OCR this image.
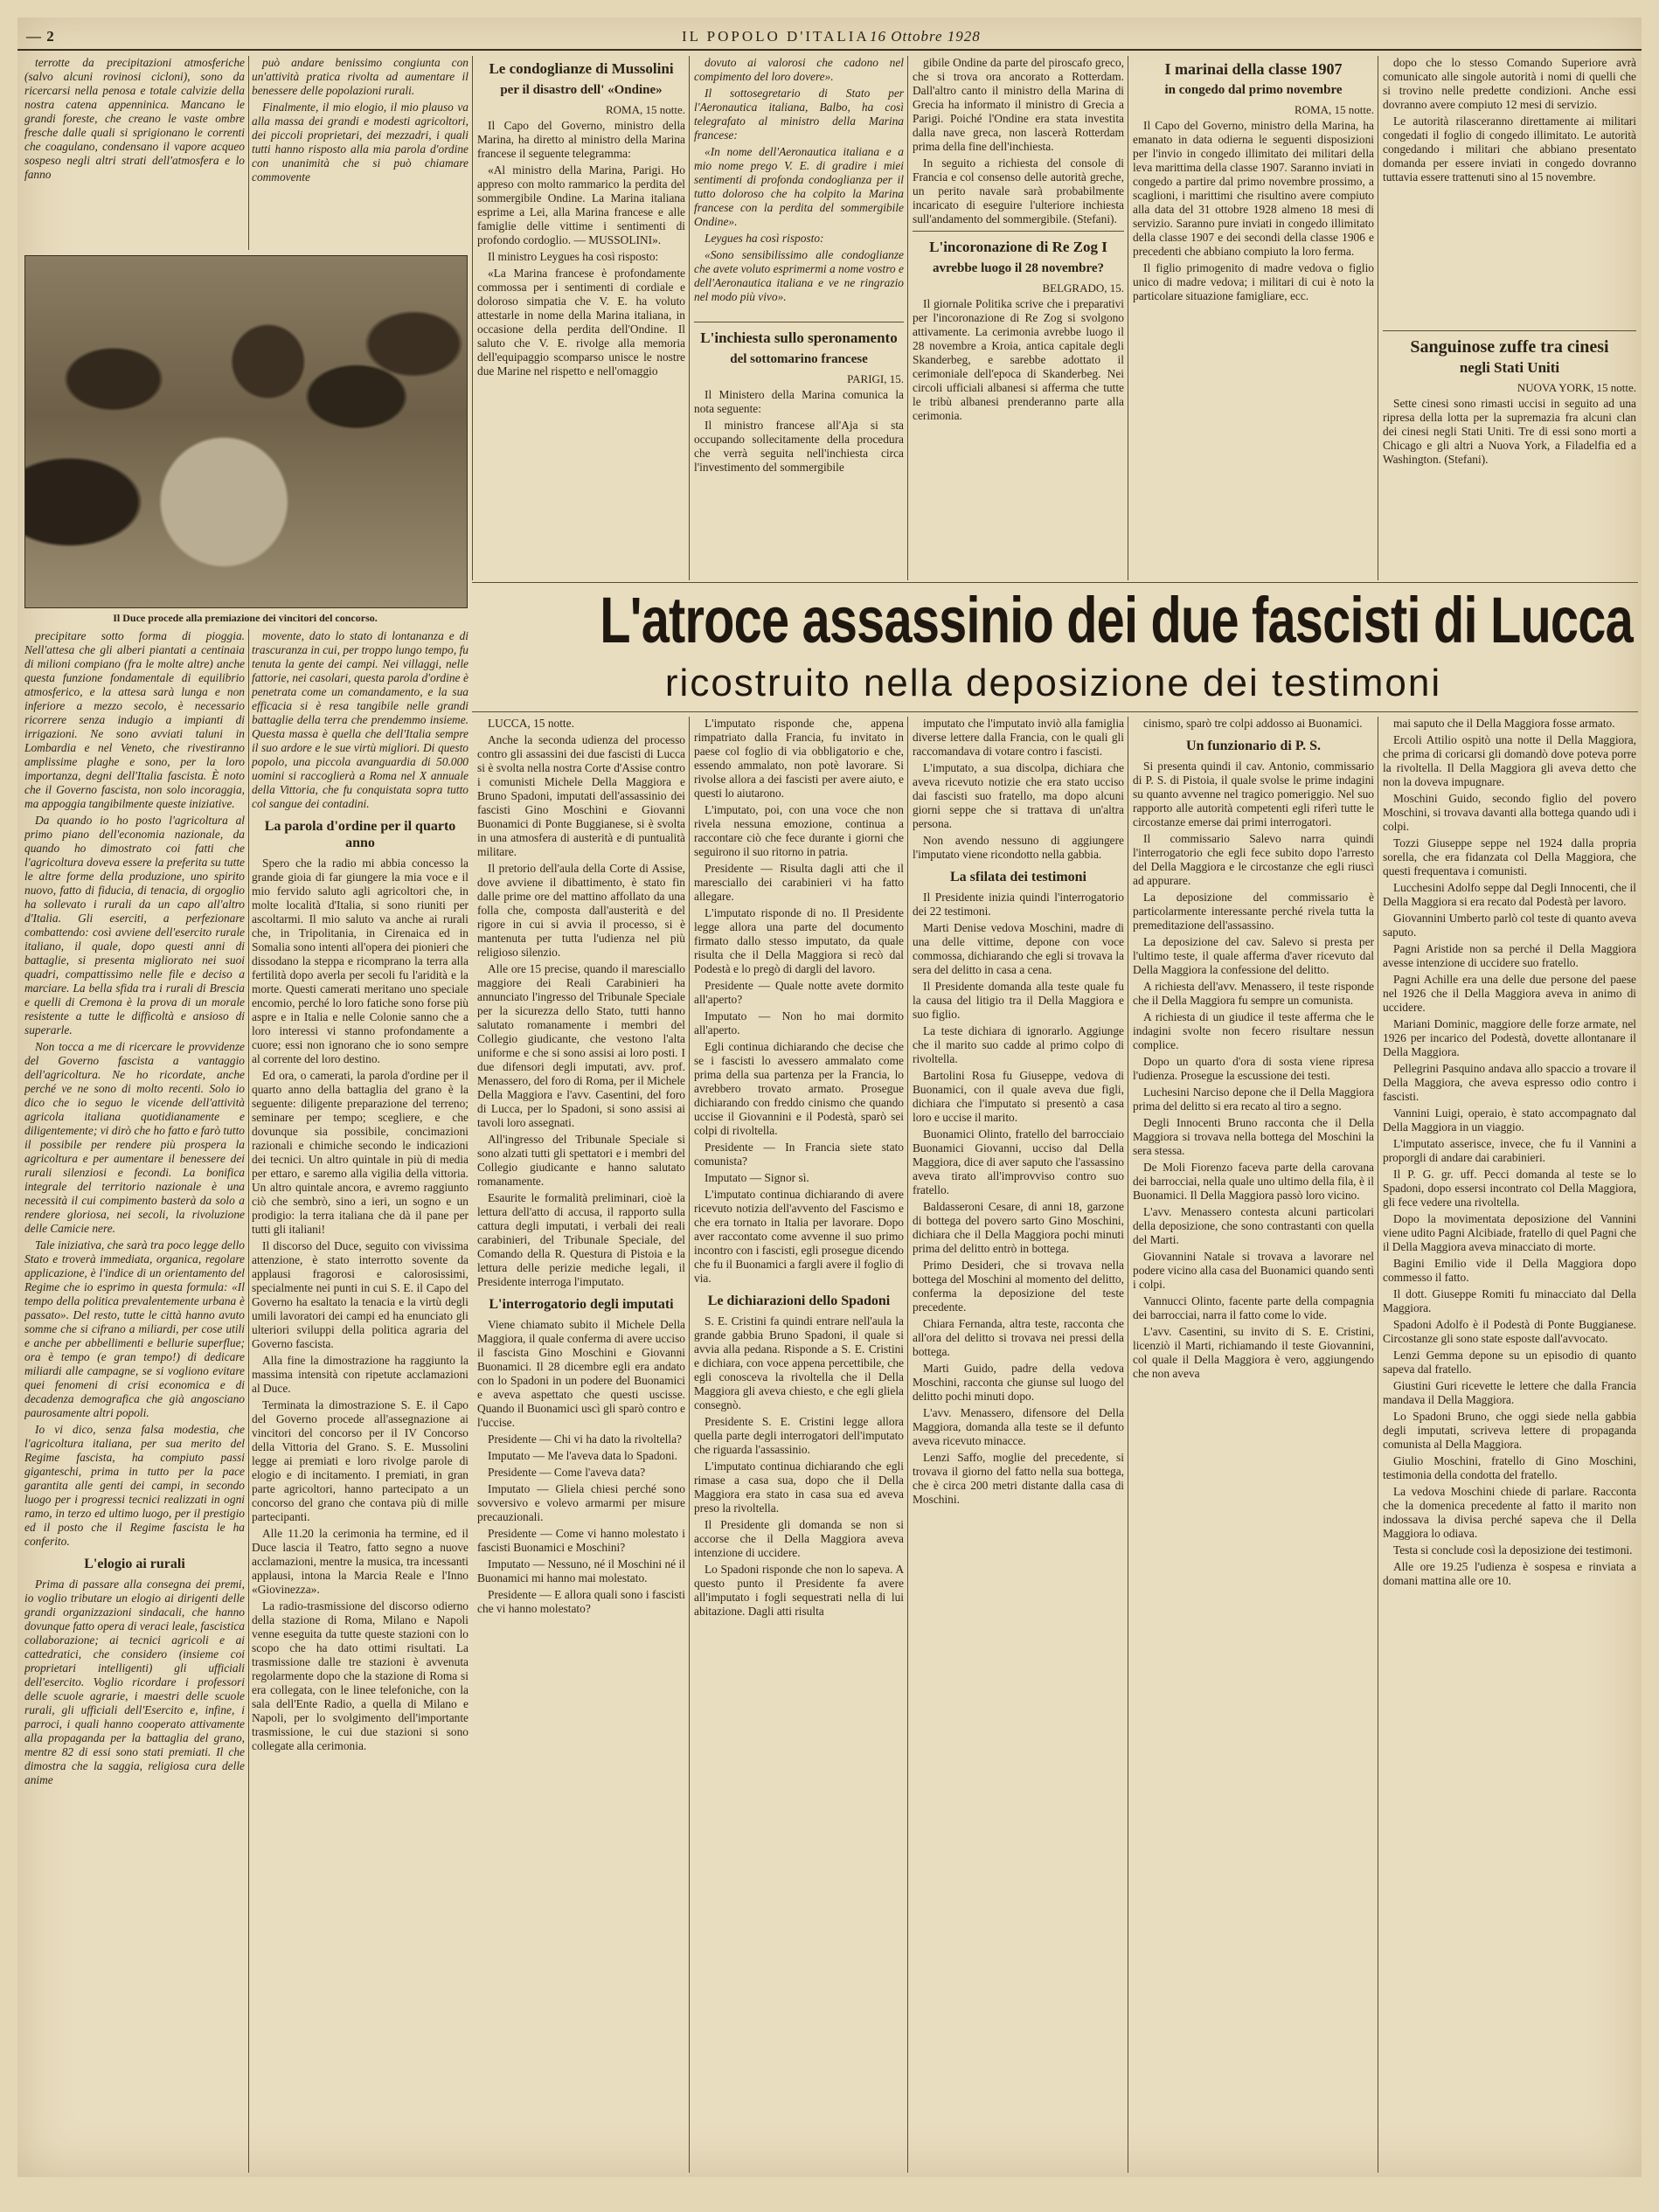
— 2	IL POPOLO D'ITALIA 16 Ottobre 1928

terrotte da precipitazioni atmosferiche (salvo alcuni rovinosi cicloni), sono da ricercarsi nella penosa e totale calvizie della nostra catena appenninica. Mancano le grandi foreste, che creano le vaste ombre fresche dalle quali si sprigionano le correnti che coagulano, condensano il vapore acqueo sospeso negli altri strati dell'atmosfera e lo fanno

può andare benissimo congiunta con un'attività pratica rivolta ad aumentare il benessere delle popolazioni rurali.

Finalmente, il mio elogio, il mio plauso va alla massa dei grandi e modesti agricoltori, dei piccoli proprietari, dei mezzadri, i quali tutti hanno risposto alla mia parola d'ordine con unanimità che si può chiamare commovente

Il Duce procede alla premiazione dei vincitori del concorso.
Le condoglianze di Mussolini
per il disastro dell' «Ondine»
ROMA, 15 notte.

Il Capo del Governo, ministro della Marina, ha diretto al ministro della Marina francese il seguente telegramma:

«Al ministro della Marina, Parigi. Ho appreso con molto rammarico la perdita del sommergibile Ondine. La Marina italiana esprime a Lei, alla Marina francese e alle famiglie delle vittime i sentimenti di profondo cordoglio. — MUSSOLINI».

Il ministro Leygues ha così risposto:

«La Marina francese è profondamente commossa per i sentimenti di cordiale e doloroso simpatia che V. E. ha voluto attestarle in nome della Marina italiana, in occasione della perdita dell'Ondine. Il saluto che V. E. rivolge alla memoria dell'equipaggio scomparso unisce le nostre due Marine nel rispetto e nell'omaggio

dovuto ai valorosi che cadono nel compimento del loro dovere».

Il sottosegretario di Stato per l'Aeronautica italiana, Balbo, ha così telegrafato al ministro della Marina francese:

«In nome dell'Aeronautica italiana e a mio nome prego V. E. di gradire i miei sentimenti di profonda condoglianza per il tutto doloroso che ha colpito la Marina francese con la perdita del sommergibile Ondine».

Leygues ha così risposto:

«Sono sensibilissimo alle condoglianze che avete voluto esprimermi a nome vostro e dell'Aeronautica italiana e ve ne ringrazio nel modo più vivo».

L'inchiesta sullo speronamento
del sottomarino francese
PARIGI, 15.

Il Ministero della Marina comunica la nota seguente:

Il ministro francese all'Aja si sta occupando sollecitamente della procedura che verrà seguita nell'inchiesta circa l'investimento del sommergibile

gibile Ondine da parte del piroscafo greco, che si trova ora ancorato a Rotterdam. Dall'altro canto il ministro della Marina di Grecia ha informato il ministro di Grecia a Parigi. Poiché l'Ondine era stata investita dalla nave greca, non lascerà Rotterdam prima della fine dell'inchiesta.

In seguito a richiesta del console di Francia e col consenso delle autorità greche, un perito navale sarà probabilmente incaricato di eseguire l'ulteriore inchiesta sull'andamento del sommergibile. (Stefani).

L'incoronazione di Re Zog I
avrebbe luogo il 28 novembre?
BELGRADO, 15.

Il giornale Politika scrive che i preparativi per l'incoronazione di Re Zog si svolgono attivamente. La cerimonia avrebbe luogo il 28 novembre a Kroia, antica capitale degli Skanderbeg, e sarebbe adottato il cerimoniale dell'epoca di Skanderbeg. Nei circoli ufficiali albanesi si afferma che tutte le tribù albanesi prenderanno parte alla cerimonia.

I marinai della classe 1907
in congedo dal primo novembre
ROMA, 15 notte.

Il Capo del Governo, ministro della Marina, ha emanato in data odierna le seguenti disposizioni per l'invio in congedo illimitato dei militari della leva marittima della classe 1907. Saranno inviati in congedo a partire dal primo novembre prossimo, a scaglioni, i marittimi che risultino avere compiuto alla data del 31 ottobre 1928 almeno 18 mesi di servizio. Saranno pure inviati in congedo illimitato della classe 1907 e dei secondi della classe 1906 e precedenti che abbiano compiuto la loro ferma.

Il figlio primogenito di madre vedova o figlio unico di madre vedova; i militari di cui è noto la particolare situazione famigliare, ecc.

dopo che lo stesso Comando Superiore avrà comunicato alle singole autorità i nomi di quelli che si trovino nelle predette condizioni. Anche essi dovranno avere compiuto 12 mesi di servizio.

Le autorità rilasceranno direttamente ai militari congedati il foglio di congedo illimitato. Le autorità congedando i militari che abbiano presentato domanda per essere inviati in congedo dovranno tuttavia essere trattenuti sino al 15 novembre.

Sanguinose zuffe tra cinesi
negli Stati Uniti
NUOVA YORK, 15 notte.

Sette cinesi sono rimasti uccisi in seguito ad una ripresa della lotta per la supremazia fra alcuni clan dei cinesi negli Stati Uniti. Tre di essi sono morti a Chicago e gli altri a Nuova York, a Filadelfia ed a Washington. (Stefani).

L'atroce assassinio dei due fascisti di Lucca
ricostruito nella deposizione dei testimoni

precipitare sotto forma di pioggia. Nell'attesa che gli alberi piantati a centinaia di milioni compiano (fra le molte altre) anche questa funzione fondamentale di equilibrio atmosferico, e la attesa sarà lunga e non inferiore a mezzo secolo, è necessario ricorrere senza indugio a impianti di irrigazioni. Ne sono avviati taluni in Lombardia e nel Veneto, che rivestiranno amplissime plaghe e sono, per la loro importanza, degni dell'Italia fascista. È noto che il Governo fascista, non solo incoraggia, ma appoggia tangibilmente queste iniziative.

Da quando io ho posto l'agricoltura al primo piano dell'economia nazionale, da quando ho dimostrato coi fatti che l'agricoltura doveva essere la preferita su tutte le altre forme della produzione, uno spirito nuovo, fatto di fiducia, di tenacia, di orgoglio ha sollevato i rurali da un capo all'altro d'Italia. Gli eserciti, a perfezionare combattendo: così avviene dell'esercito rurale italiano, il quale, dopo questi anni di battaglie, si presenta migliorato nei suoi quadri, compattissimo nelle file e deciso a marciare. La bella sfida tra i rurali di Brescia e quelli di Cremona è la prova di un morale resistente a tutte le difficoltà e ansioso di superarle.

Non tocca a me di ricercare le provvidenze del Governo fascista a vantaggio dell'agricoltura. Ne ho ricordate, anche perché ve ne sono di molto recenti. Solo io dico che io seguo le vicende dell'attività agricola italiana quotidianamente e diligentemente; vi dirò che ho fatto e farò tutto il possibile per rendere più prospera la agricoltura e per aumentare il benessere dei rurali silenziosi e fecondi. La bonifica integrale del territorio nazionale è una necessità il cui compimento basterà da solo a rendere gloriosa, nei secoli, la rivoluzione delle Camicie nere.

Tale iniziativa, che sarà tra poco legge dello Stato e troverà immediata, organica, regolare applicazione, è l'indice di un orientamento del Regime che io esprimo in questa formula: «Il tempo della politica prevalentemente urbana è passato». Del resto, tutte le città hanno avuto somme che si cifrano a miliardi, per cose utili e anche per abbellimenti e bellurie superflue; ora è tempo (e gran tempo!) di dedicare miliardi alle campagne, se si vogliono evitare quei fenomeni di crisi economica e di decadenza demografica che già angosciano paurosamente altri popoli.

Io vi dico, senza falsa modestia, che l'agricoltura italiana, per sua merito del Regime fascista, ha compiuto passi giganteschi, prima in tutto per la pace garantita alle genti dei campi, in secondo luogo per i progressi tecnici realizzati in ogni ramo, in terzo ed ultimo luogo, per il prestigio ed il posto che il Regime fascista le ha conferito.

L'elogio ai rurali

Prima di passare alla consegna dei premi, io voglio tributare un elogio ai dirigenti delle grandi organizzazioni sindacali, che hanno dovunque fatto opera di veraci leale, fascistica collaborazione; ai tecnici agricoli e ai cattedratici, che considero (insieme coi proprietari intelligenti) gli ufficiali dell'esercito. Voglio ricordare i professori delle scuole agrarie, i maestri delle scuole rurali, gli ufficiali dell'Esercito e, infine, i parroci, i quali hanno cooperato attivamente alla propaganda per la battaglia del grano, mentre 82 di essi sono stati premiati. Il che dimostra che la saggia, religiosa cura delle anime

movente, dato lo stato di lontananza e di trascuranza in cui, per troppo lungo tempo, fu tenuta la gente dei campi. Nei villaggi, nelle fattorie, nei casolari, questa parola d'ordine è penetrata come un comandamento, e la sua efficacia si è resa tangibile nelle grandi battaglie della terra che prendemmo insieme. Questa massa è quella che dell'Italia sempre il suo ardore e le sue virtù migliori. Di questo popolo, una piccola avanguardia di 50.000 uomini si raccoglierà a Roma nel X annuale della Vittoria, che fu conquistata sopra tutto col sangue dei contadini.

La parola d'ordine per il quarto anno

Spero che la radio mi abbia concesso la grande gioia di far giungere la mia voce e il mio fervido saluto agli agricoltori che, in molte località d'Italia, si sono riuniti per ascoltarmi. Il mio saluto va anche ai rurali che, in Tripolitania, in Cirenaica ed in Somalia sono intenti all'opera dei pionieri che dissodano la steppa e ricomprano la terra alla fertilità dopo averla per secoli fu l'aridità e la morte. Questi camerati meritano uno speciale encomio, perché lo loro fatiche sono forse più aspre e in Italia e nelle Colonie sanno che a loro interessi vi stanno profondamente a cuore; essi non ignorano che io sono sempre al corrente del loro destino.

Ed ora, o camerati, la parola d'ordine per il quarto anno della battaglia del grano è la seguente: diligente preparazione del terreno; seminare per tempo; scegliere, e che dovunque sia possibile, concimazioni razionali e chimiche secondo le indicazioni dei tecnici. Un altro quintale in più di media per ettaro, e saremo alla vigilia della vittoria. Un altro quintale ancora, e avremo raggiunto ciò che sembrò, sino a ieri, un sogno e un prodigio: la terra italiana che dà il pane per tutti gli italiani!

Il discorso del Duce, seguito con vivissima attenzione, è stato interrotto sovente da applausi fragorosi e calorosissimi, specialmente nei punti in cui S. E. il Capo del Governo ha esaltato la tenacia e la virtù degli umili lavoratori dei campi ed ha enunciato gli ulteriori sviluppi della politica agraria del Governo fascista.

Alla fine la dimostrazione ha raggiunto la massima intensità con ripetute acclamazioni al Duce.

Terminata la dimostrazione S. E. il Capo del Governo procede all'assegnazione ai vincitori del concorso per il IV Concorso della Vittoria del Grano. S. E. Mussolini legge ai premiati e loro rivolge parole di elogio e di incitamento. I premiati, in gran parte agricoltori, hanno partecipato a un concorso del grano che contava più di mille partecipanti.

Alle 11.20 la cerimonia ha termine, ed il Duce lascia il Teatro, fatto segno a nuove acclamazioni, mentre la musica, tra incessanti applausi, intona la Marcia Reale e l'Inno «Giovinezza».

La radio-trasmissione del discorso odierno della stazione di Roma, Milano e Napoli venne eseguita da tutte queste stazioni con lo scopo che ha dato ottimi risultati. La trasmissione dalle tre stazioni è avvenuta regolarmente dopo che la stazione di Roma si era collegata, con le linee telefoniche, con la sala dell'Ente Radio, a quella di Milano e Napoli, per lo svolgimento dell'importante trasmissione, le cui due stazioni si sono collegate alla cerimonia.

LUCCA, 15 notte.

Anche la seconda udienza del processo contro gli assassini dei due fascisti di Lucca si è svolta nella nostra Corte d'Assise contro i comunisti Michele Della Maggiora e Bruno Spadoni, imputati dell'assassinio dei fascisti Gino Moschini e Giovanni Buonamici di Ponte Buggianese, si è svolta in una atmosfera di austerità e di puntualità militare.

Il pretorio dell'aula della Corte di Assise, dove avviene il dibattimento, è stato fin dalle prime ore del mattino affollato da una folla che, composta dall'austerità e del rigore in cui si avvia il processo, si è mantenuta per tutta l'udienza nel più religioso silenzio.

Alle ore 15 precise, quando il maresciallo maggiore dei Reali Carabinieri ha annunciato l'ingresso del Tribunale Speciale per la sicurezza dello Stato, tutti hanno salutato romanamente i membri del Collegio giudicante, che vestono l'alta uniforme e che si sono assisi ai loro posti. I due difensori degli imputati, avv. prof. Menassero, del foro di Roma, per il Michele Della Maggiora e l'avv. Casentini, del foro di Lucca, per lo Spadoni, si sono assisi ai tavoli loro assegnati.

All'ingresso del Tribunale Speciale si sono alzati tutti gli spettatori e i membri del Collegio giudicante e hanno salutato romanamente.

Esaurite le formalità preliminari, cioè la lettura dell'atto di accusa, il rapporto sulla cattura degli imputati, i verbali dei reali carabinieri, del Tribunale Speciale, del Comando della R. Questura di Pistoia e la lettura delle perizie mediche legali, il Presidente interroga l'imputato.

L'interrogatorio degli imputati

Viene chiamato subito il Michele Della Maggiora, il quale conferma di avere ucciso il fascista Gino Moschini e Giovanni Buonamici. Il 28 dicembre egli era andato con lo Spadoni in un podere del Buonamici e aveva aspettato che questi uscisse. Quando il Buonamici uscì gli sparò contro e l'uccise.

Presidente — Chi vi ha dato la rivoltella?

Imputato — Me l'aveva data lo Spadoni.

Presidente — Come l'aveva data?

Imputato — Gliela chiesi perché sono sovversivo e volevo armarmi per misure precauzionali.

Presidente — Come vi hanno molestato i fascisti Buonamici e Moschini?

Imputato — Nessuno, né il Moschini né il Buonamici mi hanno mai molestato.

Presidente — E allora quali sono i fascisti che vi hanno molestato?

L'imputato risponde che, appena rimpatriato dalla Francia, fu invitato in paese col foglio di via obbligatorio e che, essendo ammalato, non potè lavorare. Si rivolse allora a dei fascisti per avere aiuto, e questi lo aiutarono.

L'imputato, poi, con una voce che non rivela nessuna emozione, continua a raccontare ciò che fece durante i giorni che seguirono il suo ritorno in patria.

Presidente — Risulta dagli atti che il maresciallo dei carabinieri vi ha fatto allegare.

L'imputato risponde di no. Il Presidente legge allora una parte del documento firmato dallo stesso imputato, da quale risulta che il Della Maggiora si recò dal Podestà e lo pregò di dargli del lavoro.

Presidente — Quale notte avete dormito all'aperto?

Imputato — Non ho mai dormito all'aperto.

Egli continua dichiarando che decise che se i fascisti lo avessero ammalato come prima della sua partenza per la Francia, lo avrebbero trovato armato. Prosegue dichiarando con freddo cinismo che quando uccise il Giovannini e il Podestà, sparò sei colpi di rivoltella.

Presidente — In Francia siete stato comunista?

Imputato — Signor sì.

L'imputato continua dichiarando di avere ricevuto notizia dell'avvento del Fascismo e che era tornato in Italia per lavorare. Dopo aver raccontato come avvenne il suo primo incontro con i fascisti, egli prosegue dicendo che fu il Buonamici a fargli avere il foglio di via.

Le dichiarazioni dello Spadoni

S. E. Cristini fa quindi entrare nell'aula la grande gabbia Bruno Spadoni, il quale si avvia alla pedana. Risponde a S. E. Cristini e dichiara, con voce appena percettibile, che egli conosceva la rivoltella che il Della Maggiora gli aveva chiesto, e che egli gliela consegnò.

Presidente S. E. Cristini legge allora quella parte degli interrogatori dell'imputato che riguarda l'assassinio.

L'imputato continua dichiarando che egli rimase a casa sua, dopo che il Della Maggiora era stato in casa sua ed aveva preso la rivoltella.

Il Presidente gli domanda se non si accorse che il Della Maggiora aveva intenzione di uccidere.

Lo Spadoni risponde che non lo sapeva. A questo punto il Presidente fa avere all'imputato i fogli sequestrati nella di lui abitazione. Dagli atti risulta

imputato che l'imputato inviò alla famiglia diverse lettere dalla Francia, con le quali gli raccomandava di votare contro i fascisti.

L'imputato, a sua discolpa, dichiara che aveva ricevuto notizie che era stato ucciso dai fascisti suo fratello, ma dopo alcuni giorni seppe che si trattava di un'altra persona.

Non avendo nessuno di aggiungere l'imputato viene ricondotto nella gabbia.

La sfilata dei testimoni

Il Presidente inizia quindi l'interrogatorio dei 22 testimoni.

Marti Denise vedova Moschini, madre di una delle vittime, depone con voce commossa, dichiarando che egli si trovava la sera del delitto in casa a cena.

Il Presidente domanda alla teste quale fu la causa del litigio tra il Della Maggiora e suo figlio.

La teste dichiara di ignorarlo. Aggiunge che il marito suo cadde al primo colpo di rivoltella.

Bartolini Rosa fu Giuseppe, vedova di Buonamici, con il quale aveva due figli, dichiara che l'imputato si presentò a casa loro e uccise il marito.

Buonamici Olinto, fratello del barrocciaio Buonamici Giovanni, ucciso dal Della Maggiora, dice di aver saputo che l'assassino aveva tirato all'improvviso contro suo fratello.

Baldasseroni Cesare, di anni 18, garzone di bottega del povero sarto Gino Moschini, dichiara che il Della Maggiora pochi minuti prima del delitto entrò in bottega.

Primo Desideri, che si trovava nella bottega del Moschini al momento del delitto, conferma la deposizione del teste precedente.

Chiara Fernanda, altra teste, racconta che all'ora del delitto si trovava nei pressi della bottega.

Marti Guido, padre della vedova Moschini, racconta che giunse sul luogo del delitto pochi minuti dopo.

L'avv. Menassero, difensore del Della Maggiora, domanda alla teste se il defunto aveva ricevuto minacce.

Lenzi Saffo, moglie del precedente, si trovava il giorno del fatto nella sua bottega, che è circa 200 metri distante dalla casa di Moschini.

cinismo, sparò tre colpi addosso ai Buonamici.

Un funzionario di P. S.

Si presenta quindi il cav. Antonio, commissario di P. S. di Pistoia, il quale svolse le prime indagini su quanto avvenne nel tragico pomeriggio. Nel suo rapporto alle autorità competenti egli riferì tutte le circostanze emerse dai primi interrogatori.

Il commissario Salevo narra quindi l'interrogatorio che egli fece subito dopo l'arresto del Della Maggiora e le circostanze che egli riuscì ad appurare.

La deposizione del commissario è particolarmente interessante perché rivela tutta la premeditazione dell'assassino.

La deposizione del cav. Salevo si presta per l'ultimo teste, il quale afferma d'aver ricevuto dal Della Maggiora la confessione del delitto.

A richiesta dell'avv. Menassero, il teste risponde che il Della Maggiora fu sempre un comunista.

A richiesta di un giudice il teste afferma che le indagini svolte non fecero risultare nessun complice.

Dopo un quarto d'ora di sosta viene ripresa l'udienza. Prosegue la escussione dei testi.

Luchesini Narciso depone che il Della Maggiora prima del delitto si era recato al tiro a segno.

Degli Innocenti Bruno racconta che il Della Maggiora si trovava nella bottega del Moschini la sera stessa.

De Moli Fiorenzo faceva parte della carovana dei barrocciai, nella quale uno ultimo della fila, è il Buonamici. Il Della Maggiora passò loro vicino.

L'avv. Menassero contesta alcuni particolari della deposizione, che sono contrastanti con quella del Marti.

Giovannini Natale si trovava a lavorare nel podere vicino alla casa del Buonamici quando sentì i colpi.

Vannucci Olinto, facente parte della compagnia dei barrocciai, narra il fatto come lo vide.

L'avv. Casentini, su invito di S. E. Cristini, licenziò il Marti, richiamando il teste Giovannini, col quale il Della Maggiora è vero, aggiungendo che non aveva

mai saputo che il Della Maggiora fosse armato.

Ercoli Attilio ospitò una notte il Della Maggiora, che prima di coricarsi gli domandò dove poteva porre la rivoltella. Il Della Maggiora gli aveva detto che non la doveva impugnare.

Moschini Guido, secondo figlio del povero Moschini, si trovava davanti alla bottega quando udì i colpi.

Tozzi Giuseppe seppe nel 1924 dalla propria sorella, che era fidanzata col Della Maggiora, che questi frequentava i comunisti.

Lucchesini Adolfo seppe dal Degli Innocenti, che il Della Maggiora si era recato dal Podestà per lavoro.

Giovannini Umberto parlò col teste di quanto aveva saputo.

Pagni Aristide non sa perché il Della Maggiora avesse intenzione di uccidere suo fratello.

Pagni Achille era una delle due persone del paese nel 1926 che il Della Maggiora aveva in animo di uccidere.

Mariani Dominic, maggiore delle forze armate, nel 1926 per incarico del Podestà, dovette allontanare il Della Maggiora.

Pellegrini Pasquino andava allo spaccio a trovare il Della Maggiora, che aveva espresso odio contro i fascisti.

Vannini Luigi, operaio, è stato accompagnato dal Della Maggiora in un viaggio.

L'imputato asserisce, invece, che fu il Vannini a proporgli di andare dai carabinieri.

Il P. G. gr. uff. Pecci domanda al teste se lo Spadoni, dopo essersi incontrato col Della Maggiora, gli fece vedere una rivoltella.

Dopo la movimentata deposizione del Vannini viene udito Pagni Alcibiade, fratello di quel Pagni che il Della Maggiora aveva minacciato di morte.

Bagini Emilio vide il Della Maggiora dopo commesso il fatto.

Il dott. Giuseppe Romiti fu minacciato dal Della Maggiora.

Spadoni Adolfo è il Podestà di Ponte Buggianese. Circostanze gli sono state esposte dall'avvocato.

Lenzi Gemma depone su un episodio di quanto sapeva dal fratello.

Giustini Guri ricevette le lettere che dalla Francia mandava il Della Maggiora.

Lo Spadoni Bruno, che oggi siede nella gabbia degli imputati, scriveva lettere di propaganda comunista al Della Maggiora.

Giulio Moschini, fratello di Gino Moschini, testimonia della condotta del fratello.

La vedova Moschini chiede di parlare. Racconta che la domenica precedente al fatto il marito non indossava la divisa perché sapeva che il Della Maggiora lo odiava.

Testa si conclude così la deposizione dei testimoni.

Alle ore 19.25 l'udienza è sospesa e rinviata a domani mattina alle ore 10.
